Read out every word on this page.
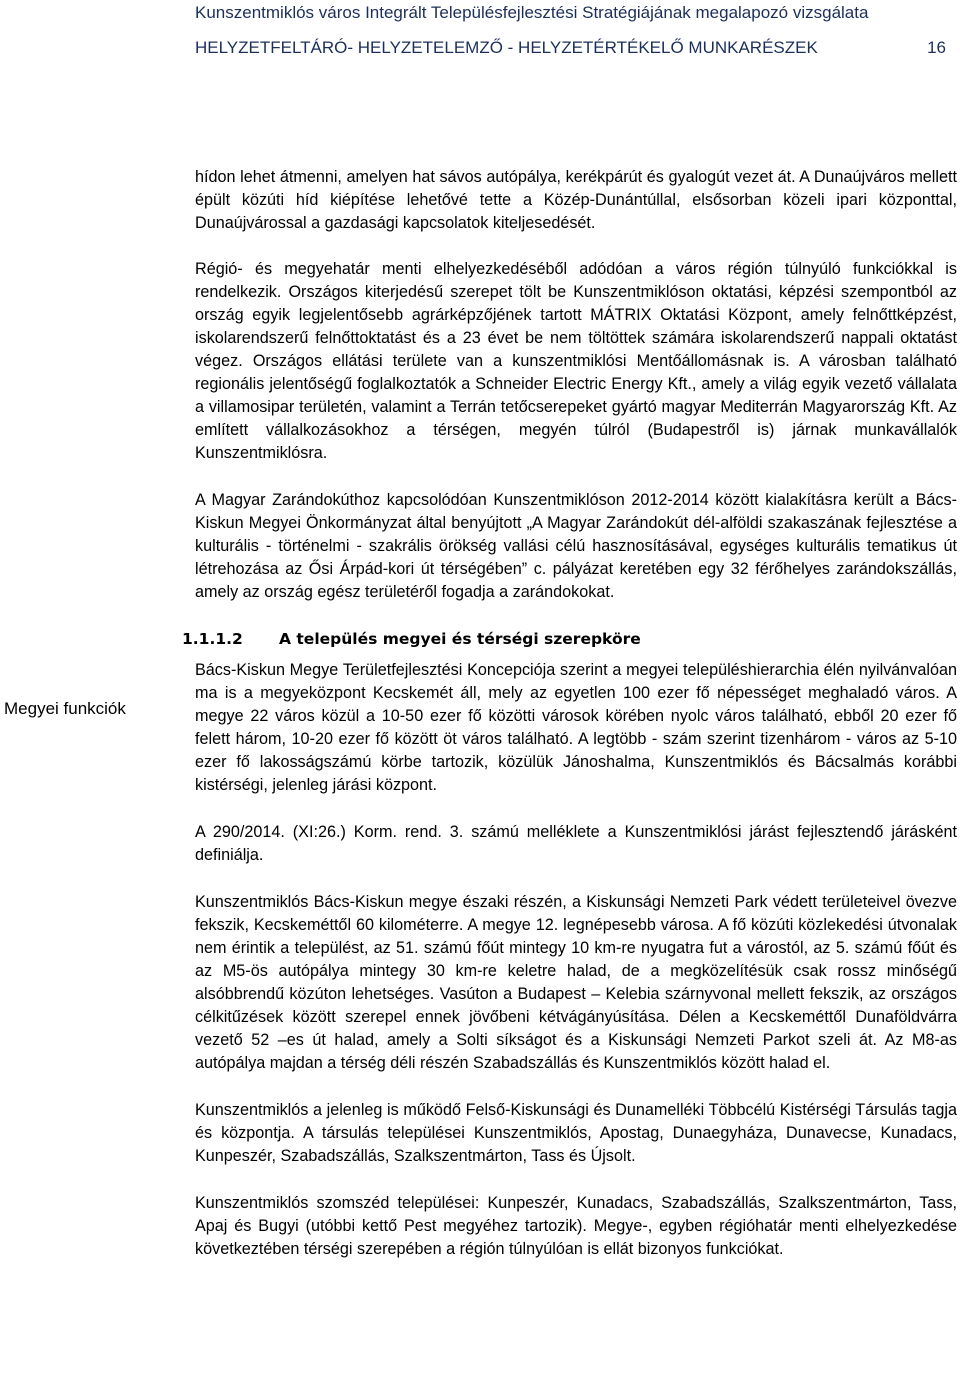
Kunszentmiklós város Integrált Településfejlesztési Stratégiájának megalapozó vizsgálata
HELYZETFELTÁRÓ- HELYZETELEMZŐ - HELYZETÉRTÉKELŐ MUNKARÉSZEK	16
Megyei funkciók

hídon lehet átmenni, amelyen hat sávos autópálya, kerékpárút és gyalogút vezet át. A Dunaújváros mellett épült közúti híd kiépítése lehetővé tette a Közép-Dunántúllal, elsősorban közeli ipari központtal, Dunaújvárossal a gazdasági kapcsolatok kiteljesedését.

Régió- és megyehatár menti elhelyezkedéséből adódóan a város régión túlnyúló funkciókkal is rendelkezik. Országos kiterjedésű szerepet tölt be Kunszentmiklóson oktatási, képzési szempontból az ország egyik legjelentősebb agrárképzőjének tartott MÁTRIX Oktatási Központ, amely felnőttképzést, iskolarendszerű felnőttoktatást és a 23 évet be nem töltöttek számára iskolarendszerű nappali oktatást végez. Országos ellátási területe van a kunszentmiklósi Mentőállomásnak is. A városban található regionális jelentőségű foglalkoztatók a Schneider Electric Energy Kft., amely a világ egyik vezető vállalata a villamosipar területén, valamint a Terrán tetőcserepeket gyártó magyar Mediterrán Magyarország Kft. Az említett vállalkozásokhoz a térségen, megyén túlról (Budapestről is) járnak munkavállalók Kunszentmiklósra.

A Magyar Zarándokúthoz kapcsolódóan Kunszentmiklóson 2012-2014 között kialakításra került a Bács-Kiskun Megyei Önkormányzat által benyújtott „A Magyar Zarándokút dél-alföldi szakaszának fejlesztése a kulturális - történelmi - szakrális örökség vallási célú hasznosításával, egységes kulturális tematikus út létrehozása az Ősi Árpád-kori út térségében” c. pályázat keretében egy 32 férőhelyes zarándokszállás, amely az ország egész területéről fogadja a zarándokokat.

1.1.1.2 A település megyei és térségi szerepköre

Bács-Kiskun Megye Területfejlesztési Koncepciója szerint a megyei településhierarchia élén nyilvánvalóan ma is a megyeközpont Kecskemét áll, mely az egyetlen 100 ezer fő népességet meghaladó város. A megye 22 város közül a 10-50 ezer fő közötti városok körében nyolc város található, ebből 20 ezer fő felett három, 10-20 ezer fő között öt város található. A legtöbb - szám szerint tizenhárom - város az 5-10 ezer fő lakosságszámú körbe tartozik, közülük Jánoshalma, Kunszentmiklós és Bácsalmás korábbi kistérségi, jelenleg járási központ.

A 290/2014. (XI:26.) Korm. rend. 3. számú melléklete a Kunszentmiklósi járást fejlesztendő járásként definiálja.

Kunszentmiklós Bács-Kiskun megye északi részén, a Kiskunsági Nemzeti Park védett területeivel övezve fekszik, Kecskeméttől 60 kilométerre. A megye 12. legnépesebb városa. A fő közúti közlekedési útvonalak nem érintik a települést, az 51. számú főút mintegy 10 km-re nyugatra fut a várostól, az 5. számú főút és az M5-ös autópálya mintegy 30 km-re keletre halad, de a megközelítésük csak rossz minőségű alsóbbrendű közúton lehetséges. Vasúton a Budapest – Kelebia szárnyvonal mellett fekszik, az országos célkitűzések között szerepel ennek jövőbeni kétvágányúsítása. Délen a Kecskeméttől Dunaföldvárra vezető 52 –es út halad, amely a Solti síkságot és a Kiskunsági Nemzeti Parkot szeli át. Az M8-as autópálya majdan a térség déli részén Szabadszállás és Kunszentmiklós között halad el.

Kunszentmiklós a jelenleg is működő Felső-Kiskunsági és Dunamelléki Többcélú Kistérségi Társulás tagja és központja. A társulás települései Kunszentmiklós, Apostag, Dunaegyháza, Dunavecse, Kunadacs, Kunpeszér, Szabadszállás, Szalkszentmárton, Tass és Újsolt.

Kunszentmiklós szomszéd települései: Kunpeszér, Kunadacs, Szabadszállás, Szalkszentmárton, Tass, Apaj és Bugyi (utóbbi kettő Pest megyéhez tartozik). Megye-, egyben régióhatár menti elhelyezkedése következtében térségi szerepében a régión túlnyúlóan is ellát bizonyos funkciókat.
